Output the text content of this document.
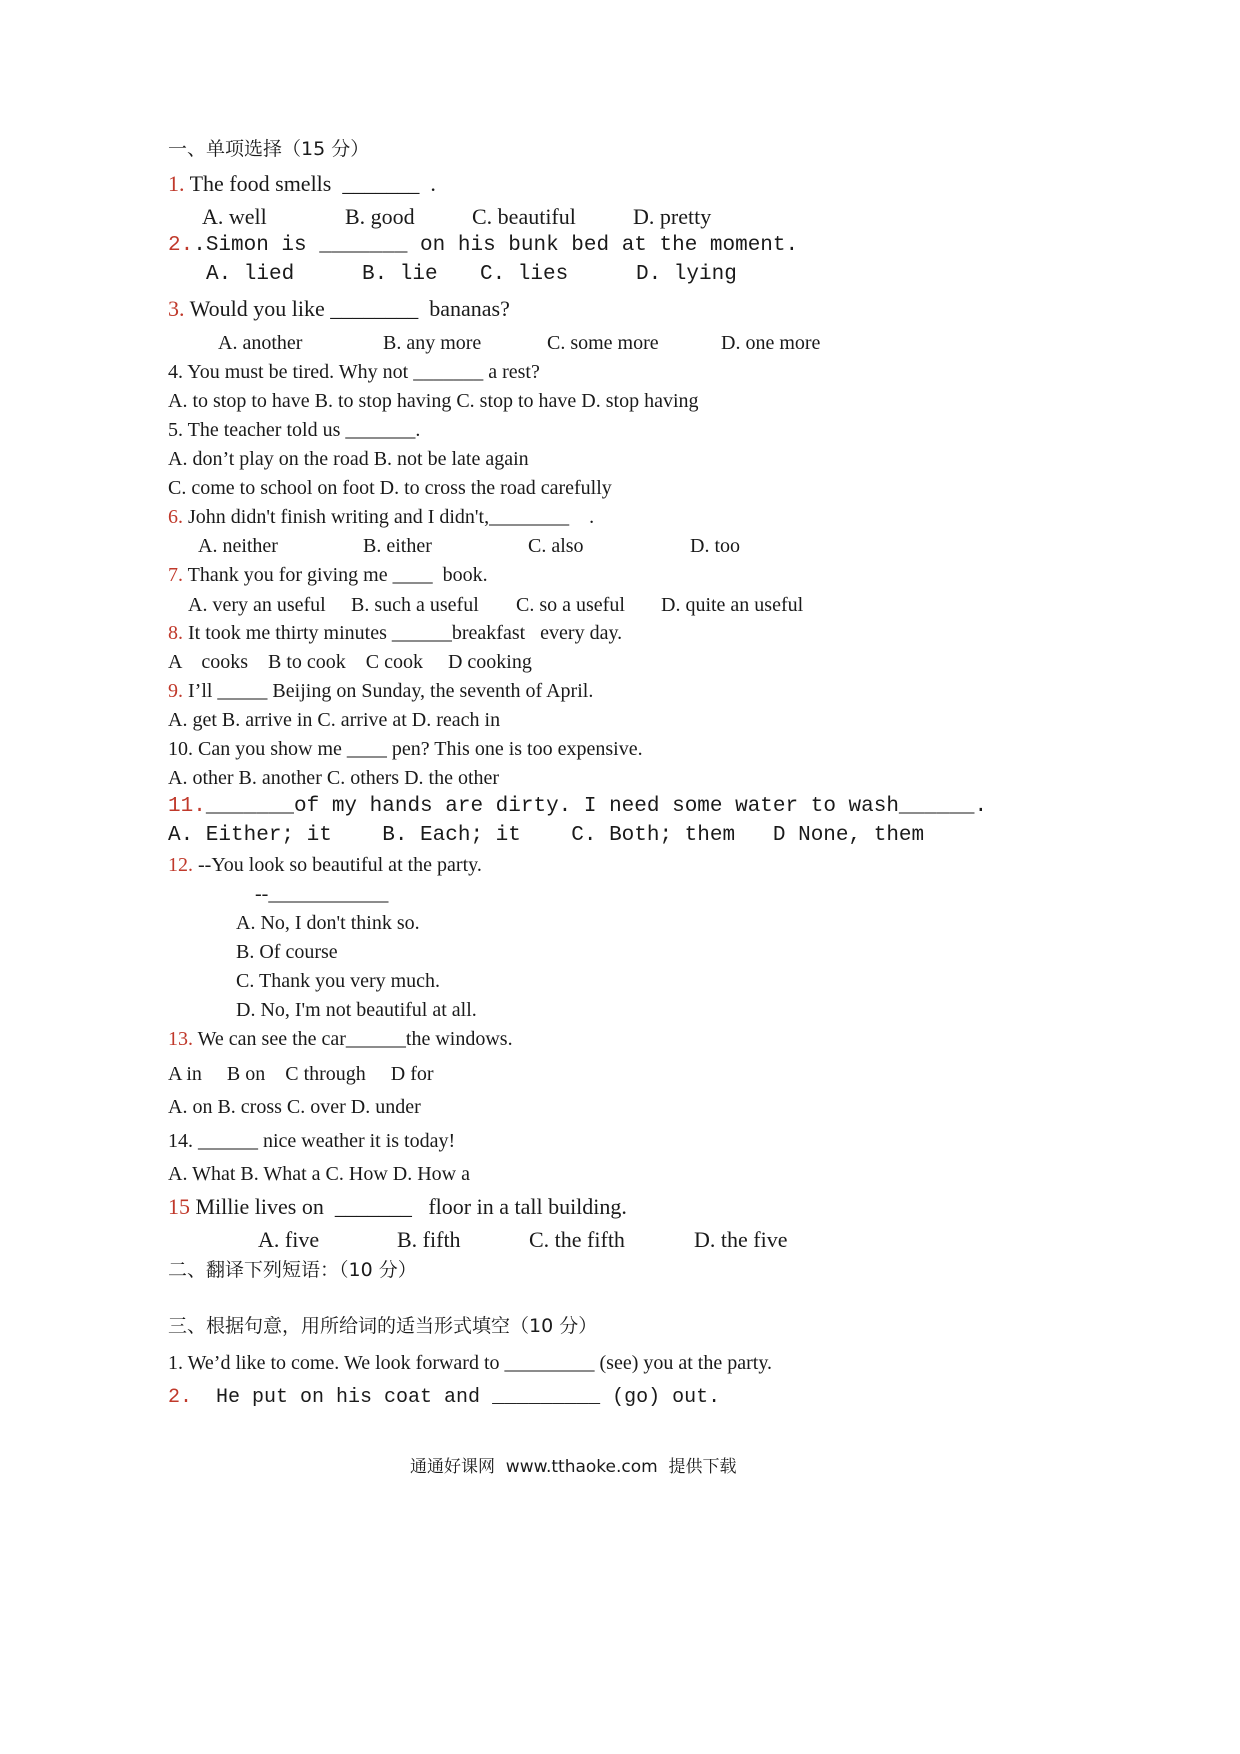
一、单项选择（15 分）
1. The food smells  _______  .
A. well	B. good	C. beautiful	D. pretty
2..Simon is _______ on his bunk bed at the moment.
A. lied	B. lie C. lies	D. lying
3. Would you like ________  bananas?
A. another	B. any more	C. some more	D. one more
4. You must be tired. Why not _______ a rest?
A. to stop to have B. to stop having C. stop to have D. stop having
5. The teacher told us _______.
A. don’t play on the road B. not be late again
C. come to school on foot D. to cross the road carefully
6. John didn't finish writing and I didn't,________    .
A. neither	B. either	C. also	D. too
7. Thank you for giving me ____  book.
A. very an useful B. such a useful C. so a useful D. quite an useful
8. It took me thirty minutes ______breakfast   every day.
A    cooks    B to cook    C cook     D cooking
9. I’ll _____ Beijing on Sunday, the seventh of April.
A. get B. arrive in C. arrive at D. reach in
10. Can you show me ____ pen? This one is too expensive.
A. other B. another C. others D. the other
11._______of my hands are dirty. I need some water to wash______.
A. Either; it    B. Each; it    C. Both; them   D None, them
12. --You look so beautiful at the party.
--____________
A. No, I don't think so.
B. Of course
C. Thank you very much.
D. No, I'm not beautiful at all.
13. We can see the car______the windows.
A in     B on    C through     D for
A. on B. cross C. over D. under
14. ______ nice weather it is today!
A. What B. What a C. How D. How a
15 Millie lives on  _______   floor in a tall building.
A. five	B. fifth	C. the fifth	D. the five
二、翻译下列短语：（10 分）
三、根据句意，用所给词的适当形式填空（10 分）
1. We’d like to come. We look forward to _________ (see) you at the party.
2.  He put on his coat and _________ (go) out.
通通好课网  www.tthaoke.com  提供下载
